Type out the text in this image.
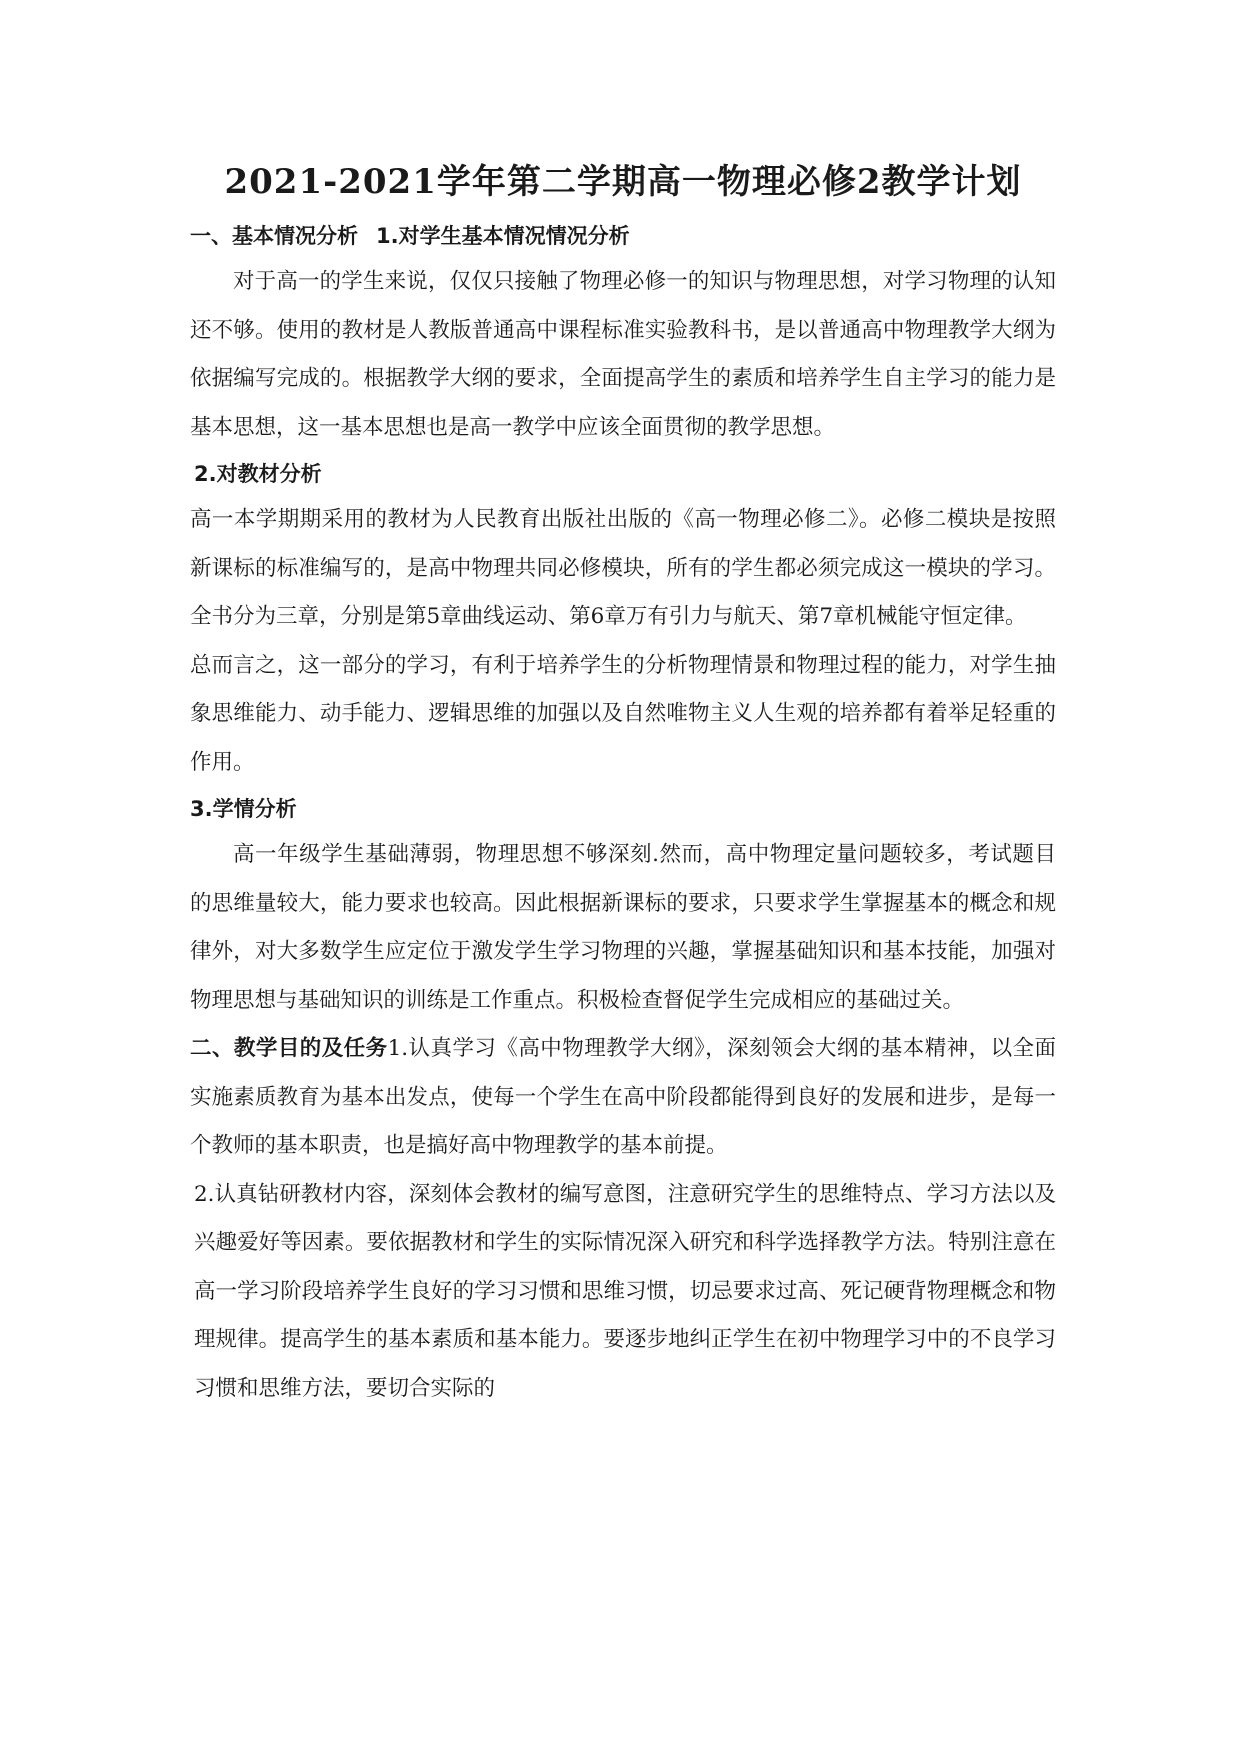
2021-2021学年第二学期高一物理必修2教学计划

一、基本情况分析 1.对学生基本情况情况分析

对于高一的学生来说，仅仅只接触了物理必修一的知识与物理思想，对学习物理的认知还不够。使用的教材是人教版普通高中课程标准实验教科书，是以普通高中物理教学大纲为依据编写完成的。根据教学大纲的要求，全面提高学生的素质和培养学生自主学习的能力是基本思想，这一基本思想也是高一教学中应该全面贯彻的教学思想。

2.对教材分析

高一本学期期采用的教材为人民教育出版社出版的《高一物理必修二》。必修二模块是按照新课标的标准编写的，是高中物理共同必修模块，所有的学生都必须完成这一模块的学习。全书分为三章，分别是第5章曲线运动、第6章万有引力与航天、第7章机械能守恒定律。

总而言之，这一部分的学习，有利于培养学生的分析物理情景和物理过程的能力，对学生抽象思维能力、动手能力、逻辑思维的加强以及自然唯物主义人生观的培养都有着举足轻重的作用。

3.学情分析

高一年级学生基础薄弱，物理思想不够深刻.然而，高中物理定量问题较多，考试题目的思维量较大，能力要求也较高。因此根据新课标的要求，只要求学生掌握基本的概念和规律外，对大多数学生应定位于激发学生学习物理的兴趣，掌握基础知识和基本技能，加强对物理思想与基础知识的训练是工作重点。积极检查督促学生完成相应的基础过关。

二、教学目的及任务1.认真学习《高中物理教学大纲》，深刻领会大纲的基本精神，以全面实施素质教育为基本出发点，使每一个学生在高中阶段都能得到良好的发展和进步，是每一个教师的基本职责，也是搞好高中物理教学的基本前提。

2.认真钻研教材内容，深刻体会教材的编写意图，注意研究学生的思维特点、学习方法以及兴趣爱好等因素。要依据教材和学生的实际情况深入研究和科学选择教学方法。特别注意在高一学习阶段培养学生良好的学习习惯和思维习惯，切忌要求过高、死记硬背物理概念和物理规律。提高学生的基本素质和基本能力。要逐步地纠正学生在初中物理学习中的不良学习习惯和思维方法，要切合实际的
